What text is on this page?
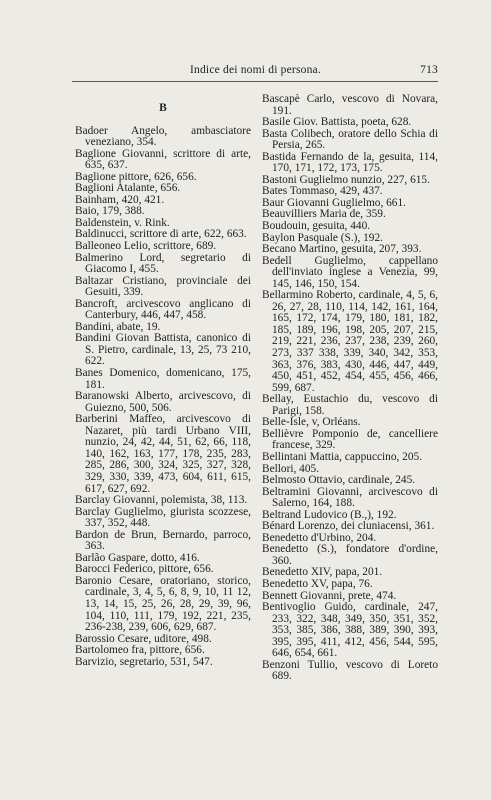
Indice dei nomi di persona.	713
B

Badoer Angelo, ambasciatore veneziano, 354.

Baglione Giovanni, scrittore di arte, 635, 637.

Baglione pittore, 626, 656.

Baglioni Atalante, 656.

Bainham, 420, 421.

Baio, 179, 388.

Baldenstein, v. Rink.

Baldinucci, scrittore di arte, 622, 663.

Balleoneo Lelio, scrittore, 689.

Balmerino Lord, segretario di Giacomo I, 455.

Baltazar Cristiano, provinciale dei Gesuiti, 339.

Bancroft, arcivescovo anglicano di Canterbury, 446, 447, 458.

Bandini, abate, 19.

Bandini Giovan Battista, canonico di S. Pietro, cardinale, 13, 25, 73 210, 622.

Banes Domenico, domenicano, 175, 181.

Baranowski Alberto, arcivescovo, di Guiezno, 500, 506.

Barberini Maffeo, arcivescovo di Nazaret, più tardi Urbano VIII, nunzio, 24, 42, 44, 51, 62, 66, 118, 140, 162, 163, 177, 178, 235, 283, 285, 286, 300, 324, 325, 327, 328, 329, 330, 339, 473, 604, 611, 615, 617, 627, 692.

Barclay Giovanni, polemista, 38, 113.

Barclay Guglielmo, giurista scozzese, 337, 352, 448.

Bardon de Brun, Bernardo, parroco, 363.

Barlão Gaspare, dotto, 416.

Barocci Federico, pittore, 656.

Baronio Cesare, oratoriano, storico, cardinale, 3, 4, 5, 6, 8, 9, 10, 11 12, 13, 14, 15, 25, 26, 28, 29, 39, 96, 104, 110, 111, 179, 192, 221, 235, 236-238, 239, 606, 629, 687.

Barossio Cesare, uditore, 498.

Bartolomeo fra, pittore, 656.

Barvizio, segretario, 531, 547.

Bascapè Carlo, vescovo di Novara, 191.

Basile Giov. Battista, poeta, 628.

Basta Colibech, oratore dello Schia di Persia, 265.

Bastida Fernando de la, gesuita, 114, 170, 171, 172, 173, 175.

Bastoni Guglielmo nunzio, 227, 615.

Bates Tommaso, 429, 437.

Baur Giovanni Guglielmo, 661.

Beauvilliers Maria de, 359.

Boudouin, gesuita, 440.

Baylon Pasquale (S.), 192.

Becano Martino, gesuita, 207, 393.

Bedell Guglielmo, cappellano dell'inviato inglese a Venezia, 99, 145, 146, 150, 154.

Bellarmino Roberto, cardinale, 4, 5, 6, 26, 27, 28, 110, 114, 142, 161, 164, 165, 172, 174, 179, 180, 181, 182, 185, 189, 196, 198, 205, 207, 215, 219, 221, 236, 237, 238, 239, 260, 273, 337 338, 339, 340, 342, 353, 363, 376, 383, 430, 446, 447, 449, 450, 451, 452, 454, 455, 456, 466, 599, 687.

Bellay, Eustachio du, vescovo di Parigi, 158.

Belle-Isle, v, Orléans.

Bellièvre Pomponio de, cancelliere francese, 329.

Bellintani Mattia, cappuccino, 205.

Bellori, 405.

Belmosto Ottavio, cardinale, 245.

Beltramini Giovanni, arcivescovo di Salerno, 164, 188.

Beltrand Ludovico (B.,), 192.

Bénard Lorenzo, dei cluniacensi, 361.

Benedetto d'Urbino, 204.

Benedetto (S.), fondatore d'ordine, 360.

Benedetto XIV, papa, 201.

Benedetto XV, papa, 76.

Bennett Giovanni, prete, 474.

Bentivoglio Guido, cardinale, 247, 233, 322, 348, 349, 350, 351, 352, 353, 385, 386, 388, 389, 390, 393, 395, 395, 411, 412, 456, 544, 595, 646, 654, 661.

Benzoni Tullio, vescovo di Loreto 689.
